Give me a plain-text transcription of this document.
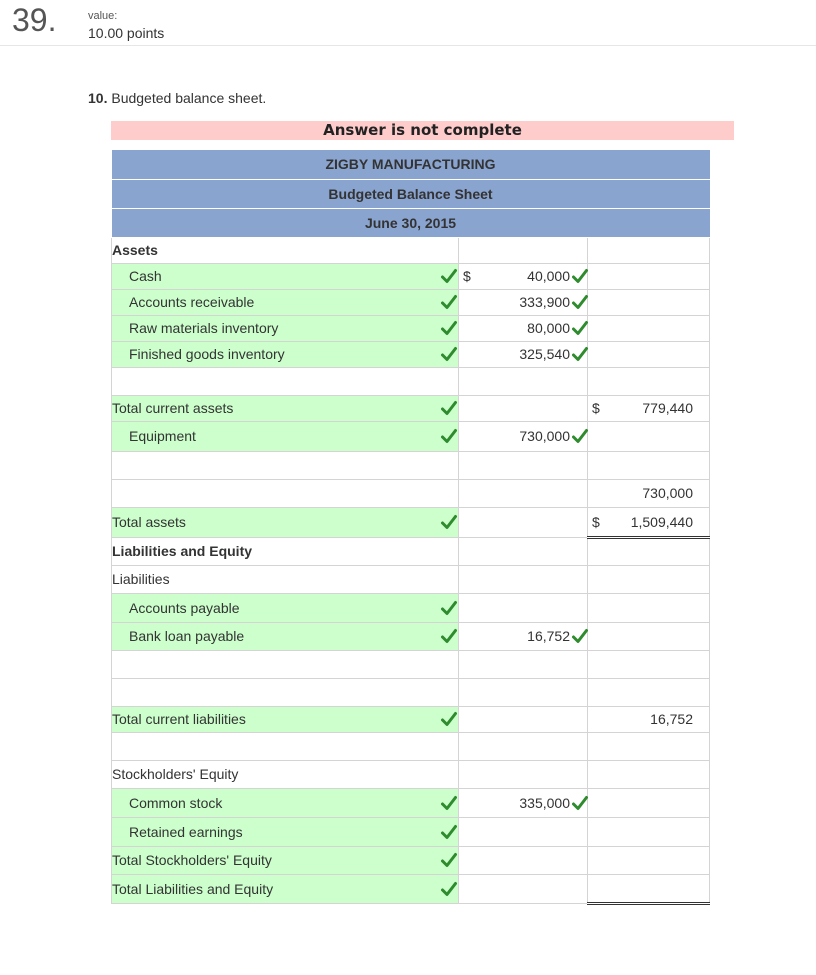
39.	value:
10.00 points
10. Budgeted balance sheet.
Answer is not complete
ZIGBY MANUFACTURING		
Budgeted Balance Sheet		
June 30, 2015		
Assets		
Cash	$ 40,000	

Accounts receivable	333,900	

Raw materials inventory	80,000	

Finished goods inventory	325,540	

Total current assets		$ 779,440

Equipment	730,000	

		730,000

Total assets		$ 1,509,440

Liabilities and Equity		
Liabilities		
Accounts payable

Bank loan payable	16,752	

Total current liabilities		16,752

Stockholders' Equity		
Common stock	335,000	

Retained earnings

Total Stockholders' Equity

Total Liabilities and Equity
